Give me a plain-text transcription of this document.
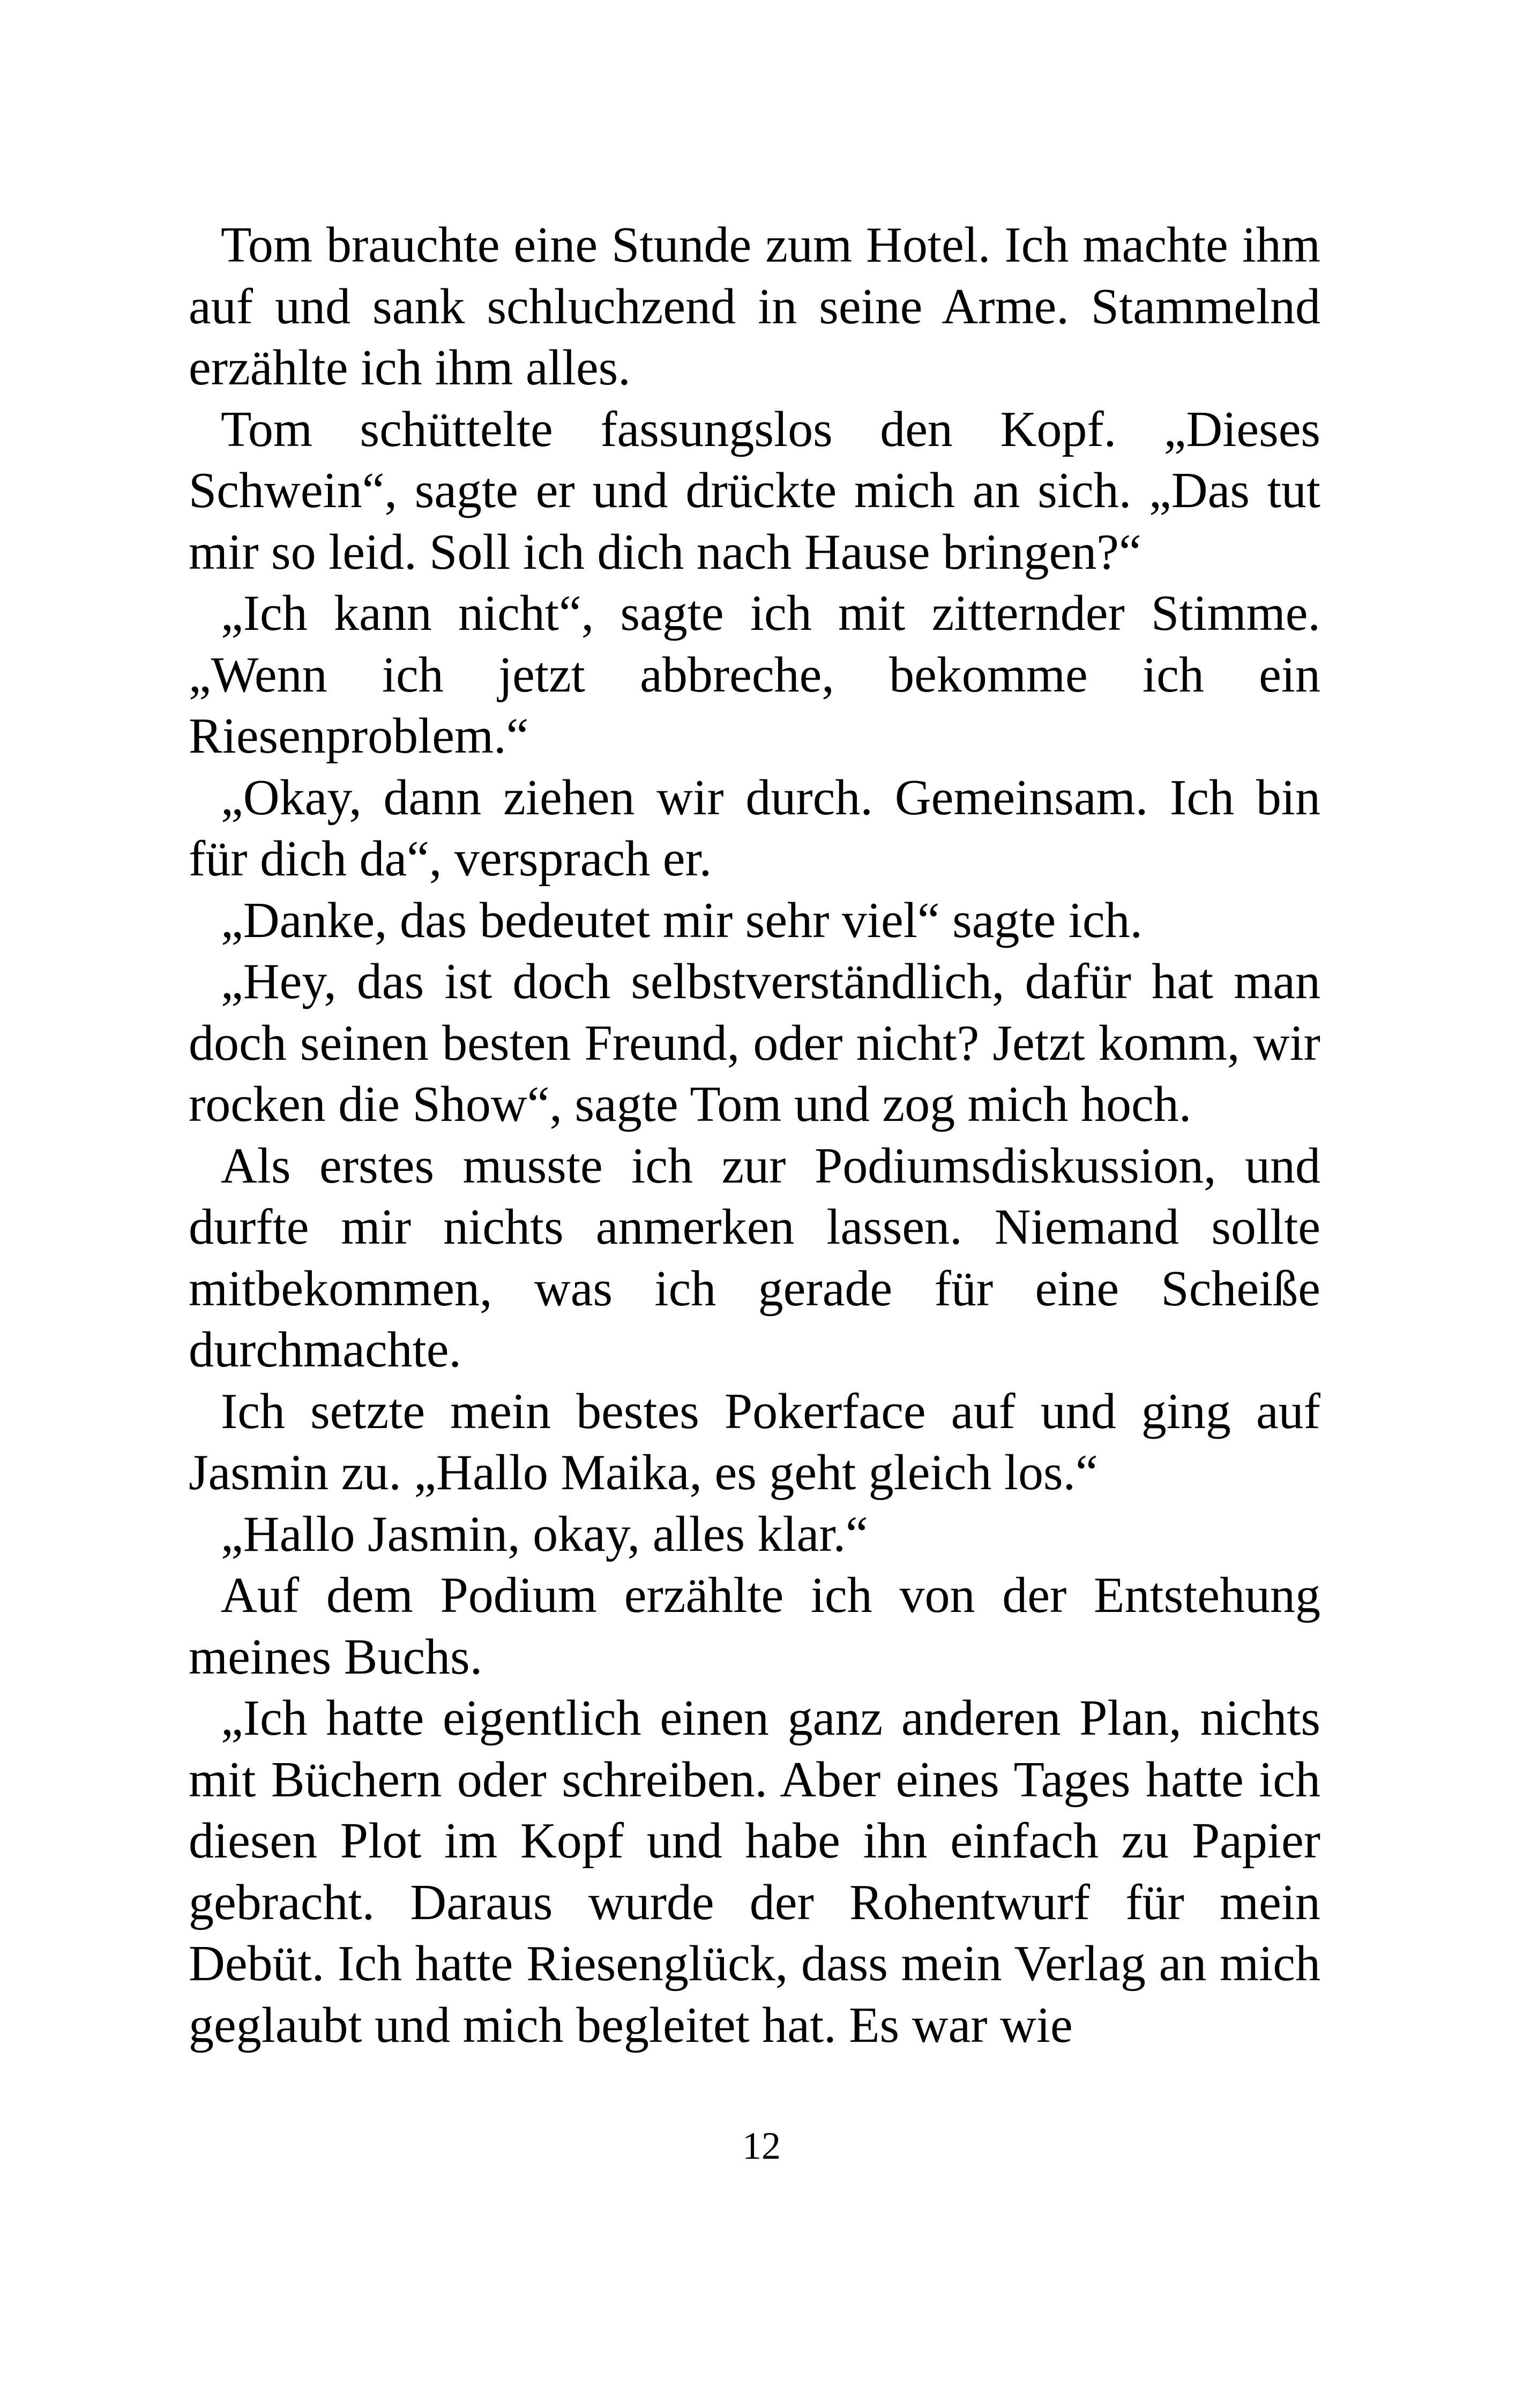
Tom brauchte eine Stunde zum Hotel. Ich machte ihm auf und sank schluchzend in seine Arme. Stammelnd erzählte ich ihm alles.

Tom schüttelte fassungslos den Kopf. „Dieses Schwein“, sagte er und drückte mich an sich. „Das tut mir so leid. Soll ich dich nach Hause bringen?“

„Ich kann nicht“, sagte ich mit zitternder Stimme. „Wenn ich jetzt abbreche, bekomme ich ein Riesenproblem.“

„Okay, dann ziehen wir durch. Gemeinsam. Ich bin für dich da“, versprach er.

„Danke, das bedeutet mir sehr viel“ sagte ich.

„Hey, das ist doch selbstverständlich, dafür hat man doch seinen besten Freund, oder nicht? Jetzt komm, wir rocken die Show“, sagte Tom und zog mich hoch.

Als erstes musste ich zur Podiumsdiskussion, und durfte mir nichts anmerken lassen. Niemand sollte mitbekommen, was ich gerade für eine Scheiße durchmachte.

Ich setzte mein bestes Pokerface auf und ging auf Jasmin zu. „Hallo Maika, es geht gleich los.“

„Hallo Jasmin, okay, alles klar.“

Auf dem Podium erzählte ich von der Entstehung meines Buchs.

„Ich hatte eigentlich einen ganz anderen Plan, nichts mit Büchern oder schreiben. Aber eines Tages hatte ich diesen Plot im Kopf und habe ihn einfach zu Papier gebracht. Daraus wurde der Rohentwurf für mein Debüt. Ich hatte Riesenglück, dass mein Verlag an mich geglaubt und mich begleitet hat. Es war wie

12
